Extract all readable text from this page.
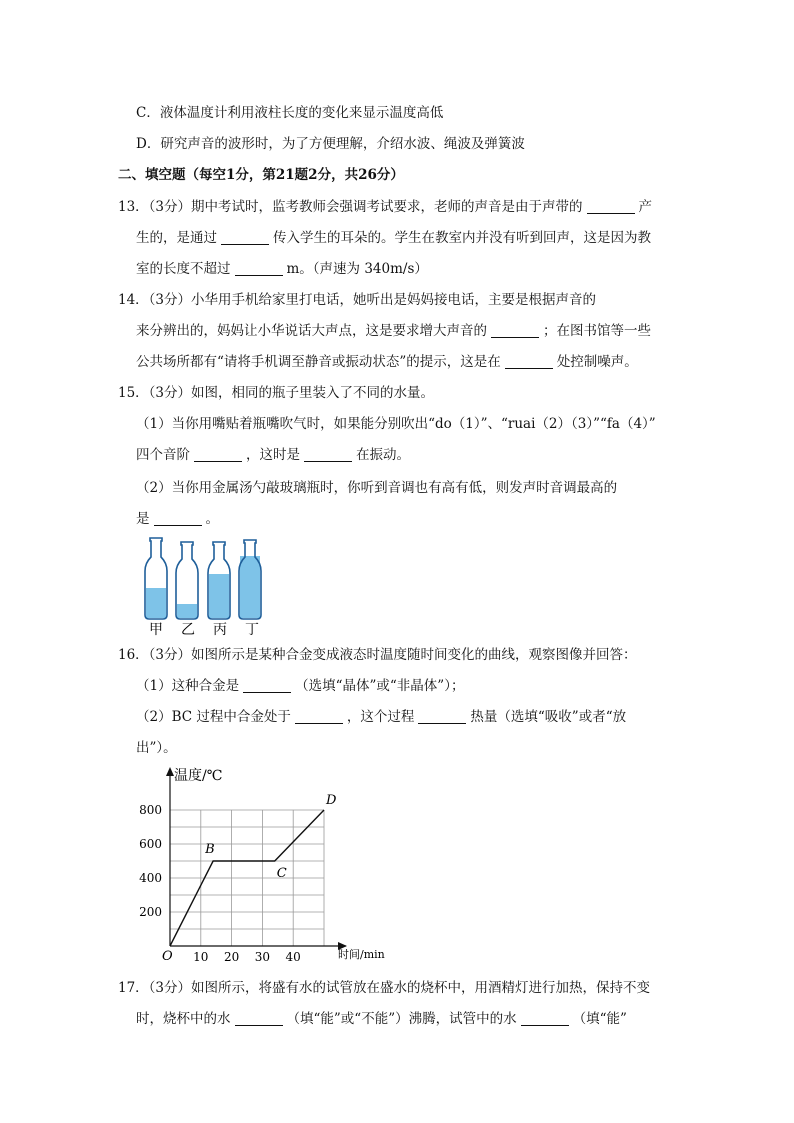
C．液体温度计利用液柱长度的变化来显示温度高低
D．研究声音的波形时，为了方便理解，介绍水波、绳波及弹簧波
二、填空题（每空1分，第21题2分，共26分）
13．（3分）期中考试时，监考教师会强调考试要求，老师的声音是由于声带的	产
生的，是通过	传入学生的耳朵的。学生在教室内并没有听到回声，这是因为教
室的长度不超过	m。（声速为 340m/s）
14．（3分）小华用手机给家里打电话，她听出是妈妈接电话，主要是根据声音的
来分辨出的，妈妈让小华说话大声点，这是要求增大声音的	；在图书馆等一些
公共场所都有“请将手机调至静音或振动状态”的提示，这是在	处控制噪声。
15．（3分）如图，相同的瓶子里装入了不同的水量。
（1）当你用嘴贴着瓶嘴吹气时，如果能分别吹出“do（1）”、“ruai（2）（3）”“fa（4）”
四个音阶	，这时是	在振动。
（2）当你用金属汤勺敲玻璃瓶时，你听到音调也有高有低，则发声时音调最高的
是	。
甲 乙 丙 丁
16．（3分）如图所示是某种合金变成液态时温度随时间变化的曲线，观察图像并回答：
（1）这种合金是	（选填“晶体”或“非晶体”）；
（2）BC 过程中合金处于	，这个过程	热量（选填“吸收”或者“放
出”）。
10 20 30 40
200
400
600
800
B
C
D
温度/℃
时间/min
O
17．（3分）如图所示，将盛有水的试管放在盛水的烧杯中，用酒精灯进行加热，保持不变
时，烧杯中的水	（填“能”或“不能”）沸腾，试管中的水	（填“能”
